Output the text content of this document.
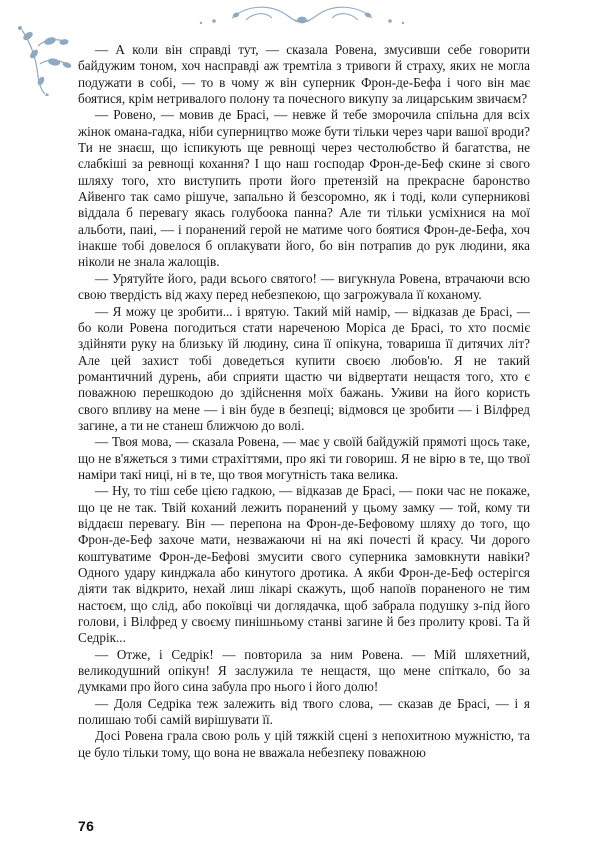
— А коли він справді тут, — сказала Ровена, змусивши себе говорити байдужим тоном, хоч насправді аж тремтіла з тривоги й страху, яких не могла подужати в собі, — то в чому ж він суперник Фрон-де-Бефа і чого він має боятися, крім нетривалого полону та почесного викупу за лицарським звичаєм?

— Ровено, — мовив де Брасі, — невже й тебе зморочила спільна для всіх жінок омана-гадка, ніби суперництво може бути тільки через чари вашої вроди? Ти не знаєш, що іспикують ще ревнощі через честолюбство й багатства, не слабкіші за ревнощі кохання? І що наш господар Фрон-де-Беф скине зі свого шляху того, хто виступить проти його претензій на прекрасне баронство Айвенго так само рішуче, запально й безсоромно, як і тоді, коли суперникові віддала б перевагу якась голубоока панна? Але ти тільки усміхнися на мої альботи, паиі, — і поранений герой не матиме чого боятися Фрон-де-Бефа, хоч інакше тобі довелося б оплакувати його, бо він потрапив до рук людини, яка ніколи не знала жалощів.

— Урятуйте його, ради всього святого! — вигукнула Ровена, втрачаючи всю свою твердість від жаху перед небезпекою, що загрожувала її коханому.

— Я можу це зробити... і врятую. Такий мій намір, — відказав де Брасі, — бо коли Ровена погодиться стати нареченою Моріса де Брасі, то хто посміє здійняти руку на близьку їй людину, сина її опікуна, товариша її дитячих літ? Але цей захист тобі доведеться купити своєю любов'ю. Я не такий романтичний дурень, аби сприяти щастю чи відвертати нещастя того, хто є поважною перешкодою до здійснення моїх бажань. Уживи на його користь свого впливу на мене — і він буде в безпеці; відмовся це зробити — і Вілфред загине, а ти не станеш ближчою до волі.

— Твоя мова, — сказала Ровена, — має у своїй байдужій прямоті щось таке, що не в'яжеться з тими страхіттями, про які ти говориш. Я не вірю в те, що твої наміри такі ниці, ні в те, що твоя могутність така велика.

— Ну, то тіш себе цією гадкою, — відказав де Брасі, — поки час не покаже, що це не так. Твій коханий лежить поранений у цьому замку — той, кому ти віддаєш перевагу. Він — перепона на Фрон-де-Бефовому шляху до того, що Фрон-де-Беф захоче мати, незважаючи ні на які почесті й красу. Чи дорого коштуватиме Фрон-де-Бефові змусити свого суперника замовкнути навіки? Одного удару кинджала або кинутого дротика. А якби Фрон-де-Беф остерігся діяти так відкрито, нехай лиш лікарі скажуть, щоб напоїв пораненого не тим настоєм, що слід, або покоївці чи доглядачка, щоб забрала подушку з-під його голови, і Вілфред у своєму пинішньому станві загине й без пролиту крові. Та й Седрік...

— Отже, і Седрік! — повторила за ним Ровена. — Мій шляхетний, великодушний опікун! Я заслужила те нещастя, що мене спіткало, бо за думками про його сина забула про нього і його долю!

— Доля Седріка теж залежить від твого слова, — сказав де Брасі, — і я полишаю тобі самій вирішувати її.

Досі Ровена грала свою роль у цій тяжкій сцені з непохитною мужністю, та це було тільки тому, що вона не вважала небезпеку поважною

76
